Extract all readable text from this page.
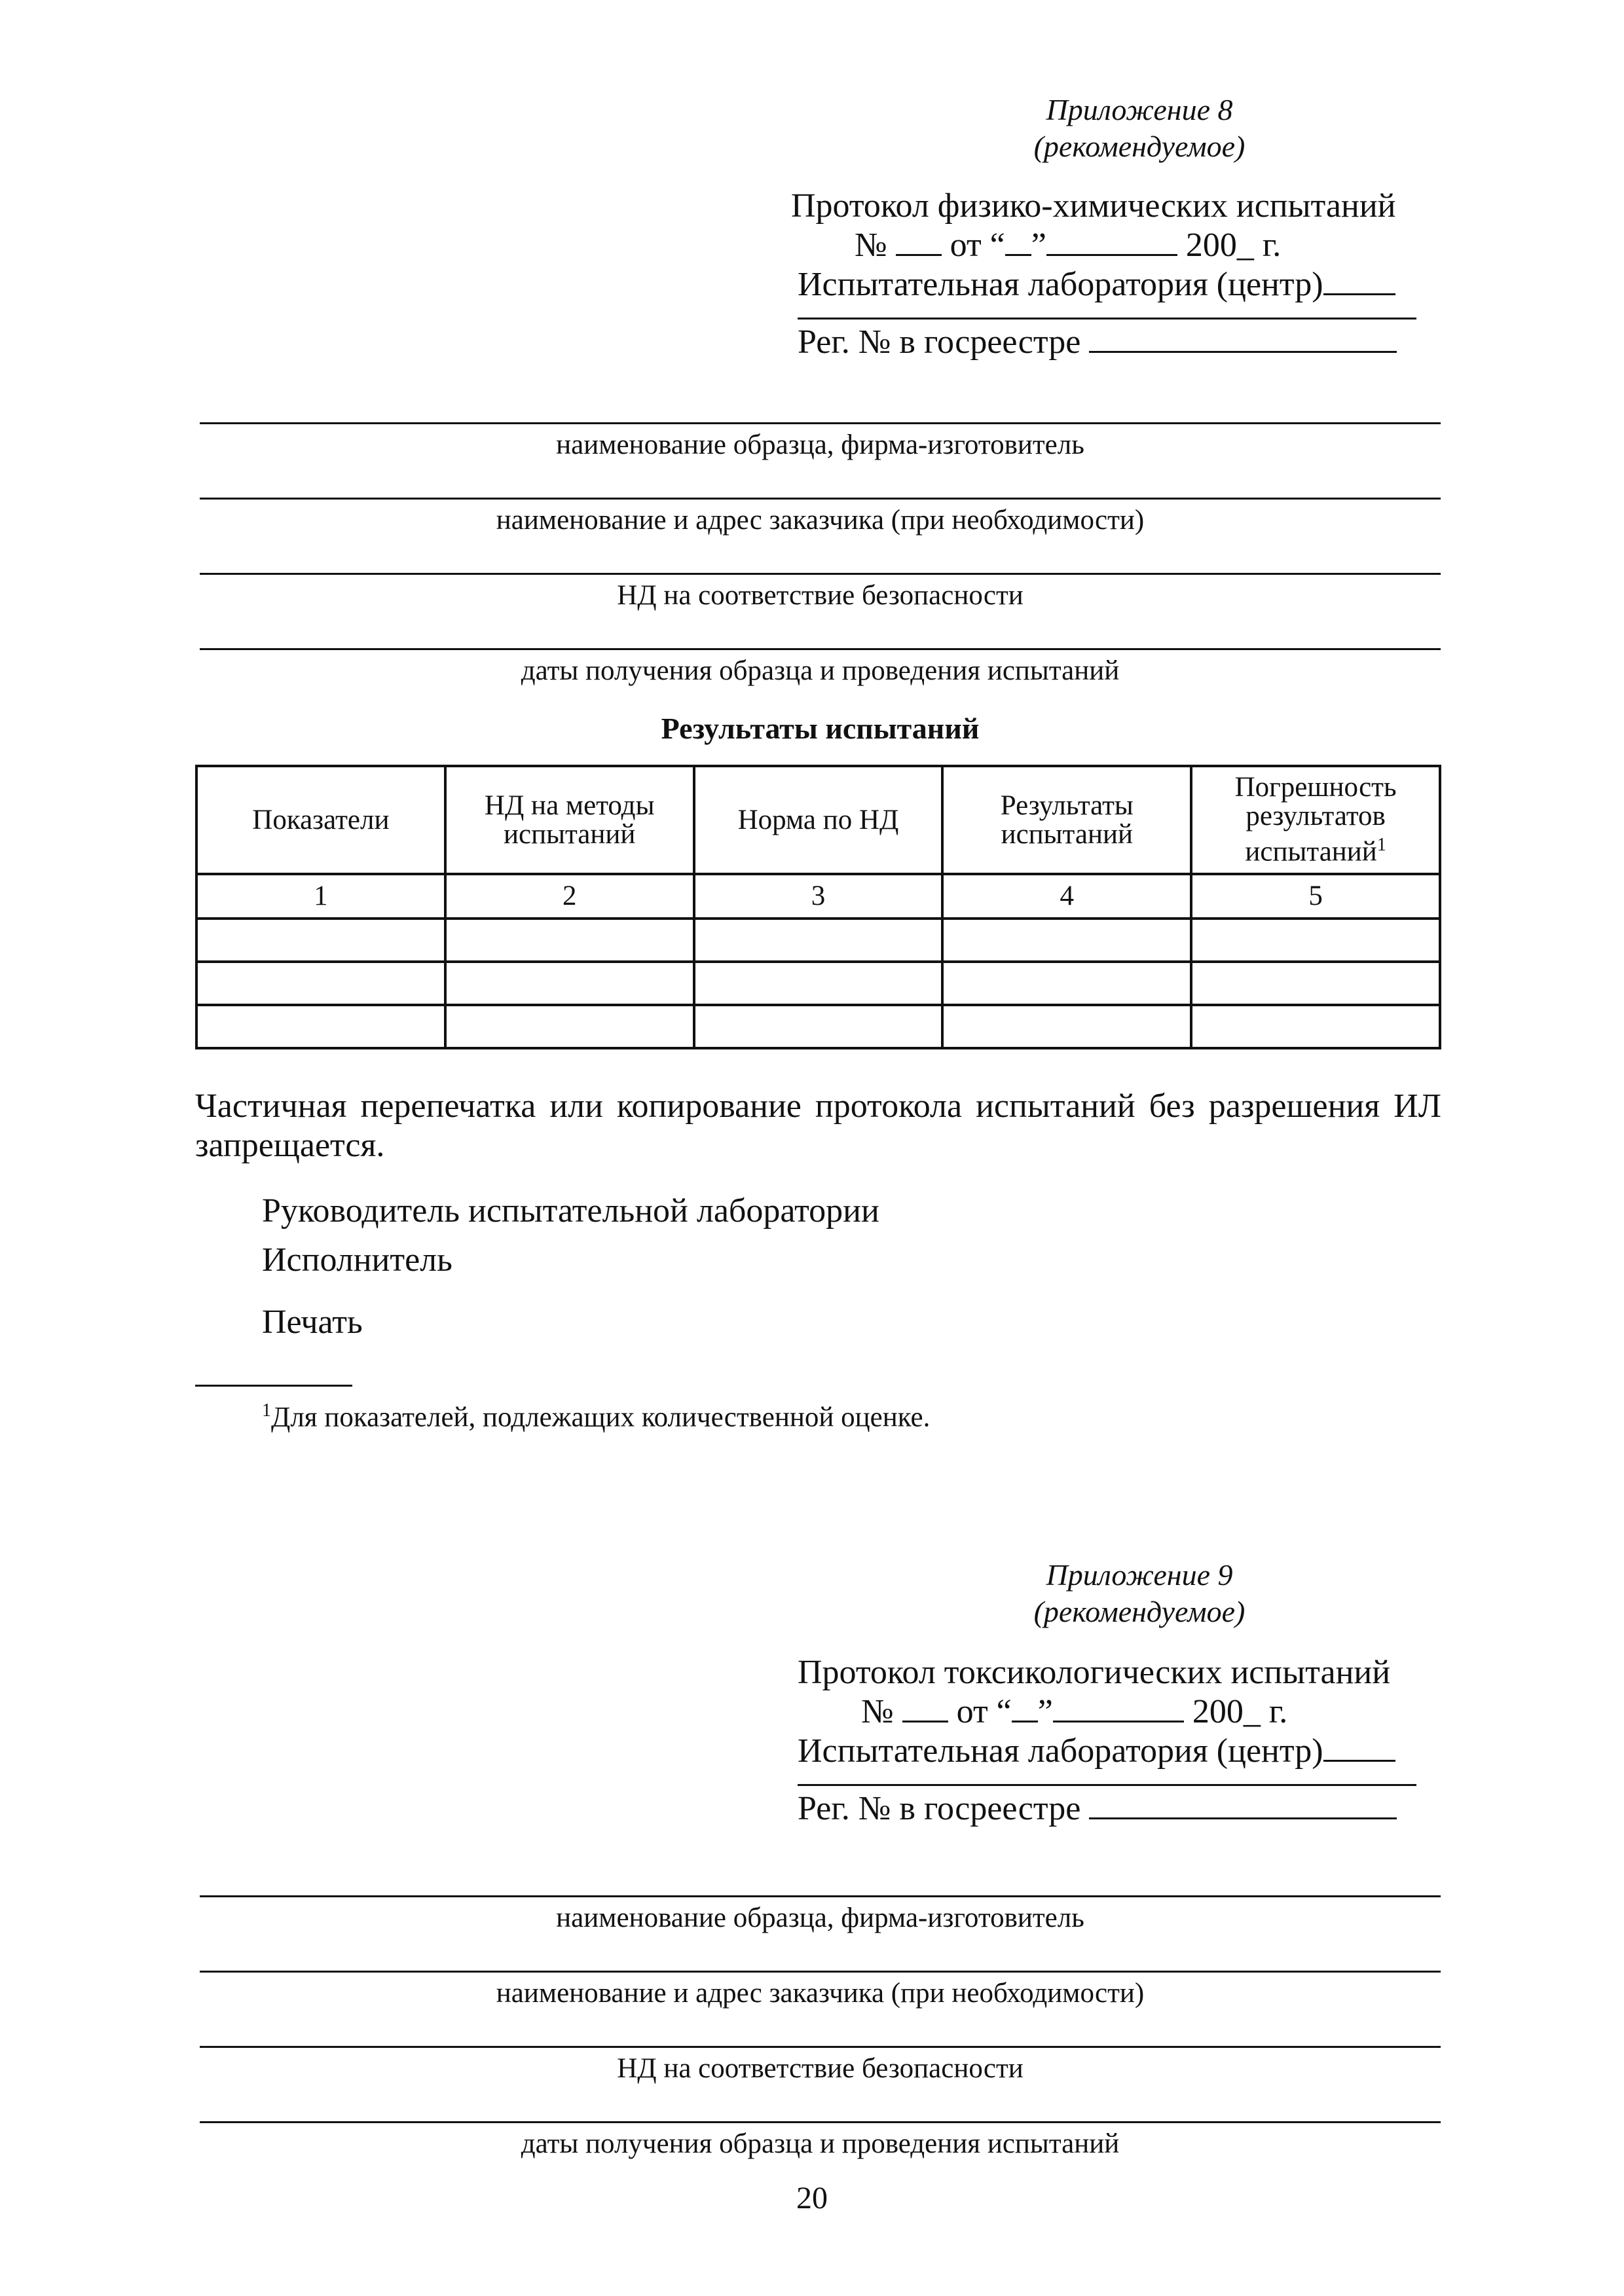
Приложение 8
(рекомендуемое)
Протокол физико-химических испытаний
№ от “ ”	200_ г.
Испытательная лаборатория (центр)
Рег. № в госреестре
наименование образца, фирма-изготовитель
наименование и адрес заказчика (при необходимости)
НД на соответствие безопасности
даты получения образца и проведения испытаний
Результаты испытаний
Показатели	НД на методы испытаний	Норма по НД	Результаты испытаний	Погрешность результатов испытаний$^1$
1	2	3	4	5

Частичная перепечатка или копирование протокола испытаний без разрешения ИЛ запрещается.
Руководитель испытательной лаборатории
Исполнитель
Печать
$^1$Для показателей, подлежащих количественной оценке.
Приложение 9
(рекомендуемое)
Протокол токсикологических испытаний
№ от “ ”	200_ г.
Испытательная лаборатория (центр)
Рег. № в госреестре
наименование образца, фирма-изготовитель
наименование и адрес заказчика (при необходимости)
НД на соответствие безопасности
даты получения образца и проведения испытаний
20
